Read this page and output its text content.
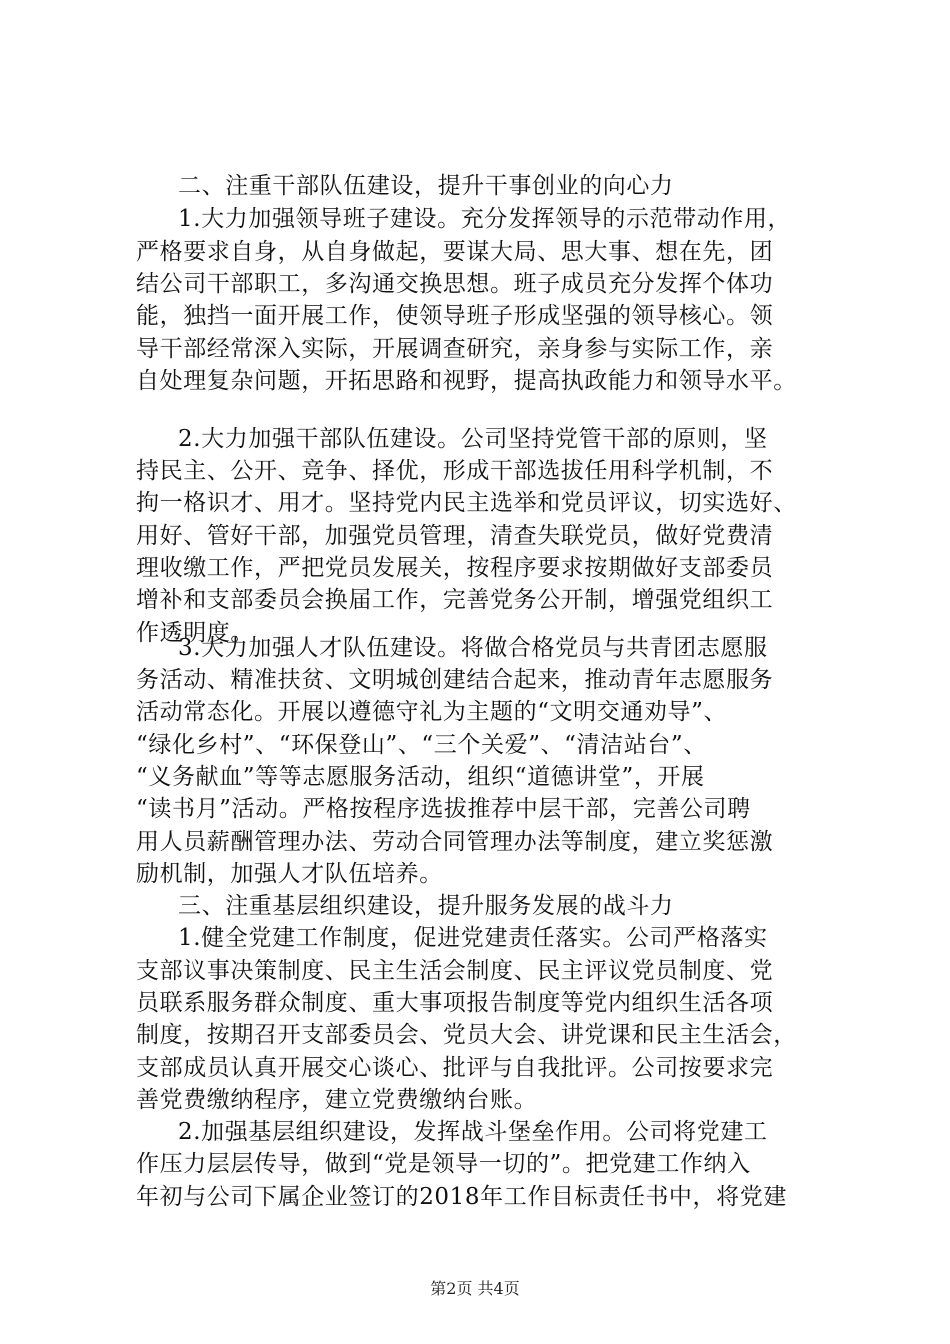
二、注重干部队伍建设，提升干事创业的向心力
1.大力加强领导班子建设。充分发挥领导的示范带动作用，
严格要求自身，从自身做起，要谋大局、思大事、想在先，团
结公司干部职工，多沟通交换思想。班子成员充分发挥个体功
能，独挡一面开展工作，使领导班子形成坚强的领导核心。领
导干部经常深入实际，开展调查研究，亲身参与实际工作，亲
自处理复杂问题，开拓思路和视野，提高执政能力和领导水平。
2.大力加强干部队伍建设。公司坚持党管干部的原则，坚
持民主、公开、竞争、择优，形成干部选拔任用科学机制，不
拘一格识才、用才。坚持党内民主选举和党员评议，切实选好、
用好、管好干部，加强党员管理，清查失联党员，做好党费清
理收缴工作，严把党员发展关，按程序要求按期做好支部委员
增补和支部委员会换届工作，完善党务公开制，增强党组织工
作透明度。
3.大力加强人才队伍建设。将做合格党员与共青团志愿服
务活动、精准扶贫、文明城创建结合起来，推动青年志愿服务
活动常态化。开展以遵德守礼为主题的“文明交通劝导”、
“绿化乡村”、“环保登山”、“三个关爱”、“清洁站台”、
“义务献血”等等志愿服务活动，组织“道德讲堂”，开展
“读书月”活动。严格按程序选拔推荐中层干部，完善公司聘
用人员薪酬管理办法、劳动合同管理办法等制度，建立奖惩激
励机制，加强人才队伍培养。
三、注重基层组织建设，提升服务发展的战斗力
1.健全党建工作制度，促进党建责任落实。公司严格落实
支部议事决策制度、民主生活会制度、民主评议党员制度、党
员联系服务群众制度、重大事项报告制度等党内组织生活各项
制度，按期召开支部委员会、党员大会、讲党课和民主生活会，
支部成员认真开展交心谈心、批评与自我批评。公司按要求完
善党费缴纳程序，建立党费缴纳台账。
2.加强基层组织建设，发挥战斗堡垒作用。公司将党建工
作压力层层传导，做到“党是领导一切的”。把党建工作纳入
年初与公司下属企业签订的2018年工作目标责任书中，将党建
第2页 共4页
